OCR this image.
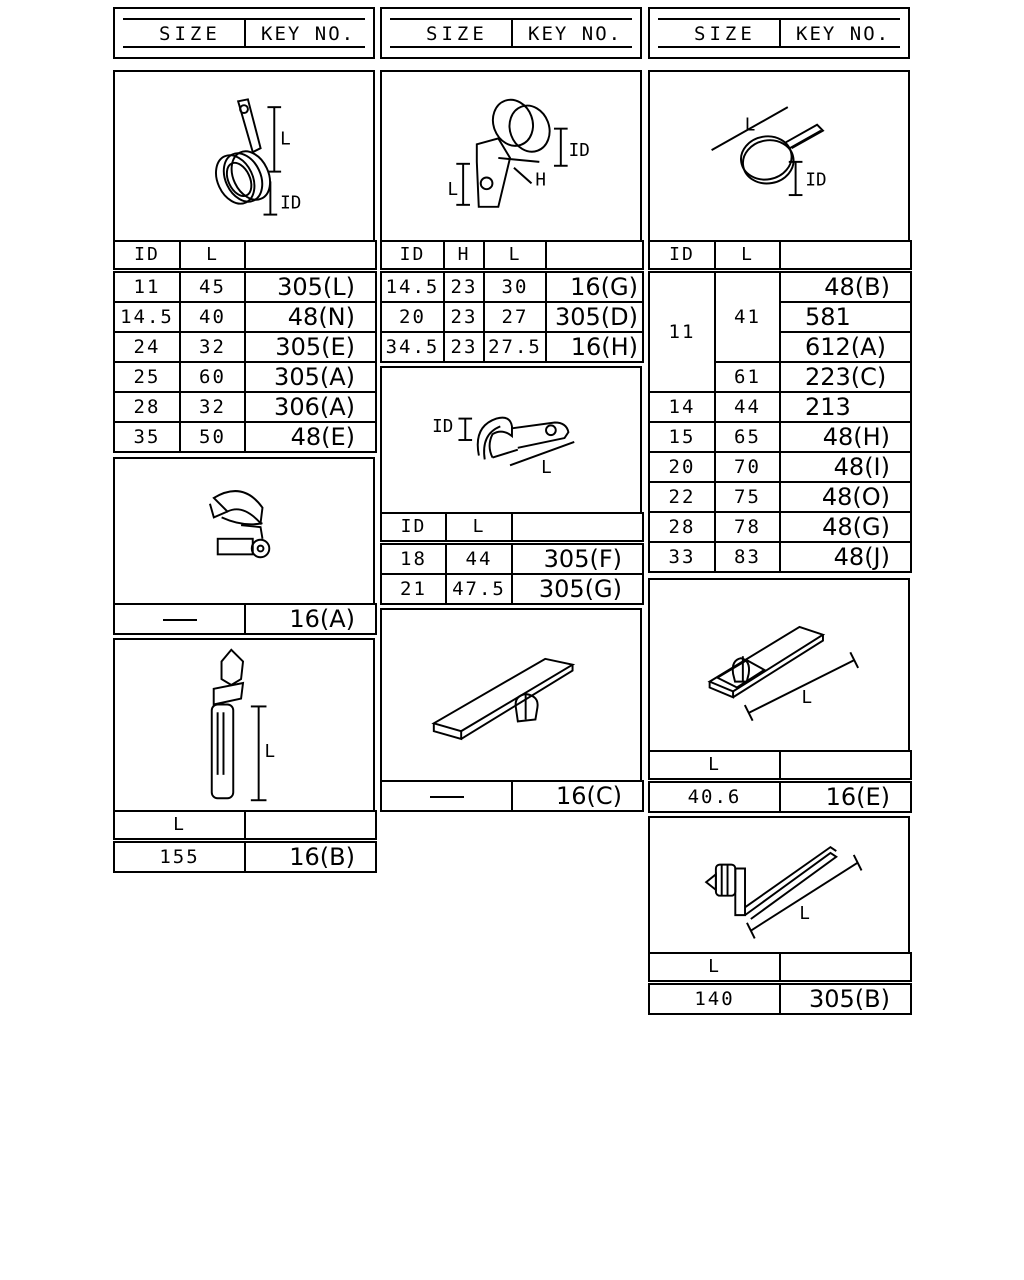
SIZE KEY NO.	SIZE KEY NO.	SIZE KEY NO.
L
ID
ID	L	
11	45	305(L)
14.5	40	48(N)
24	32	305(E)
25	60	305(A)
28	32	306(A)
35	50	48(E)
	16(A)
L
L	
155	16(B)
ID
H
L
ID	H	L	
14.5	23	30	16(G)
20	23	27	305(D)
34.5	23	27.5	16(H)
ID
L
ID	L	
18	44	305(F)
21	47.5	305(G)
	16(C)
L
ID
ID	L	
11	41	48(B)
		581
		612(A)
	61	223(C)
14	44	213
15	65	48(H)
20	70	48(I)
22	75	48(O)
28	78	48(G)
33	83	48(J)
L
L	
40.6	16(E)
L
L	
140	305(B)
